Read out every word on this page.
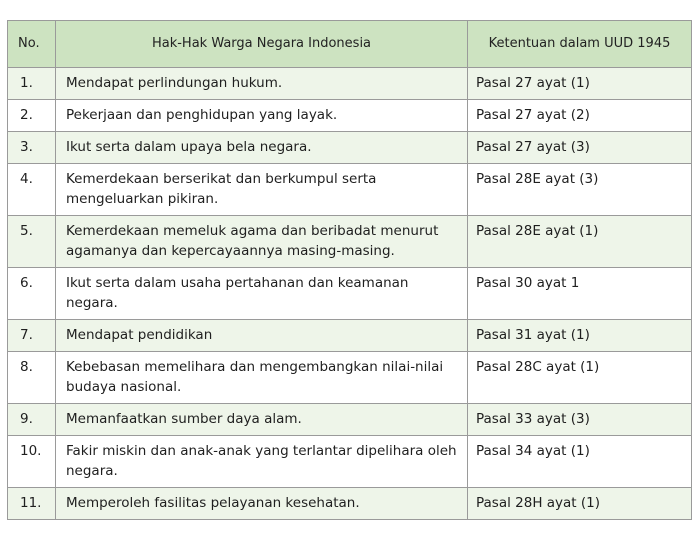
No.	Hak-Hak Warga Negara Indonesia	Ketentuan dalam UUD 1945
1.	Mendapat perlindungan hukum.	Pasal 27 ayat (1)
2.	Pekerjaan dan penghidupan yang layak.	Pasal 27 ayat (2)
3.	Ikut serta dalam upaya bela negara.	Pasal 27 ayat (3)
4.	Kemerdekaan berserikat dan berkumpul serta mengeluarkan pikiran.	Pasal 28E ayat (3)
5.	Kemerdekaan memeluk agama dan beribadat menurut agamanya dan kepercayaannya masing-masing.	Pasal 28E ayat (1)
6.	Ikut serta dalam usaha pertahanan dan keamanan negara.	Pasal 30 ayat 1
7.	Mendapat pendidikan	Pasal 31 ayat (1)
8.	Kebebasan memelihara dan mengembangkan nilai-nilai budaya nasional.	Pasal 28C ayat (1)
9.	Memanfaatkan sumber daya alam.	Pasal 33 ayat (3)
10.	Fakir miskin dan anak-anak yang terlantar dipelihara oleh negara.	Pasal 34 ayat (1)
11.	Memperoleh fasilitas pelayanan kesehatan.	Pasal 28H ayat (1)
